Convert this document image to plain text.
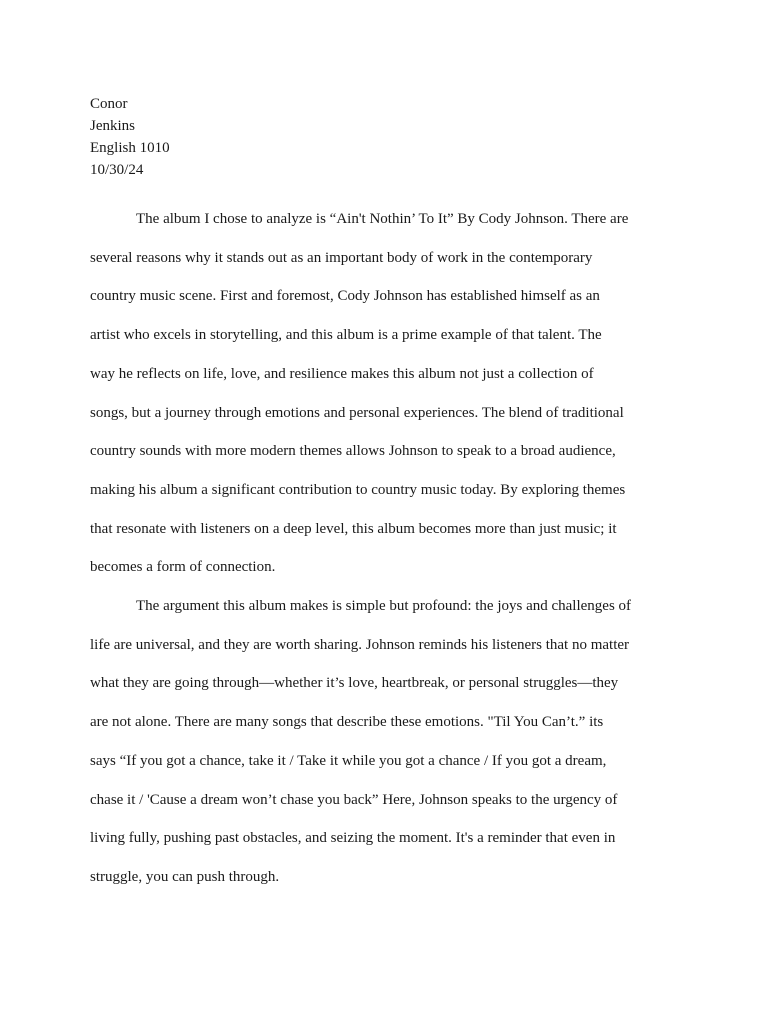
Conor
Jenkins
English 1010
10/30/24

The album I chose to analyze is “Ain't Nothin’ To It” By Cody Johnson. There are
several reasons why it stands out as an important body of work in the contemporary
country music scene. First and foremost, Cody Johnson has established himself as an
artist who excels in storytelling, and this album is a prime example of that talent. The
way he reflects on life, love, and resilience makes this album not just a collection of
songs, but a journey through emotions and personal experiences. The blend of traditional
country sounds with more modern themes allows Johnson to speak to a broad audience,
making his album a significant contribution to country music today. By exploring themes
that resonate with listeners on a deep level, this album becomes more than just music; it
becomes a form of connection.

The argument this album makes is simple but profound: the joys and challenges of
life are universal, and they are worth sharing. Johnson reminds his listeners that no matter
what they are going through—whether it’s love, heartbreak, or personal struggles—they
are not alone. There are many songs that describe these emotions. "Til You Can’t.” its
says “If you got a chance, take it / Take it while you got a chance / If you got a dream,
chase it / 'Cause a dream won’t chase you back” Here, Johnson speaks to the urgency of
living fully, pushing past obstacles, and seizing the moment. It's a reminder that even in
struggle, you can push through.
